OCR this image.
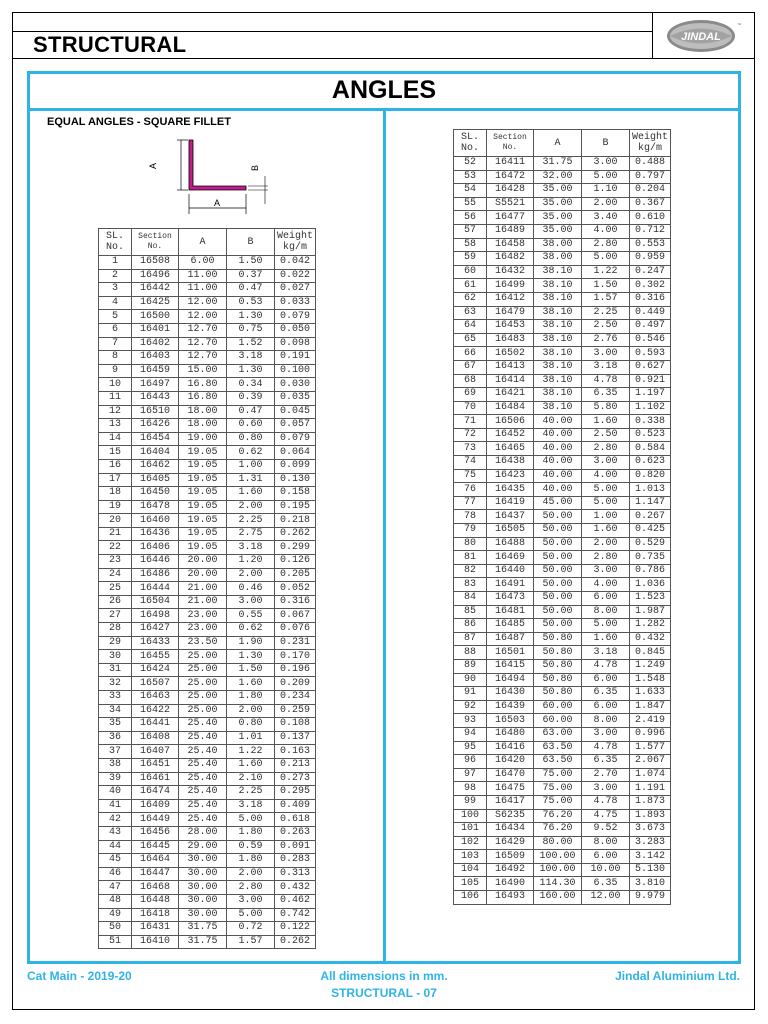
STRUCTURAL	JINDAL
™
ANGLES
EQUAL ANGLES - SQUARE FILLET
A
A
B
SL.
No.	Section
No.	A	B	Weight
kg/m
1	16508	6.00	1.50	0.042
2	16496	11.00	0.37	0.022
3	16442	11.00	0.47	0.027
4	16425	12.00	0.53	0.033
5	16500	12.00	1.30	0.079
6	16401	12.70	0.75	0.050
7	16402	12.70	1.52	0.098
8	16403	12.70	3.18	0.191
9	16459	15.00	1.30	0.100
10	16497	16.80	0.34	0.030
11	16443	16.80	0.39	0.035
12	16510	18.00	0.47	0.045
13	16426	18.00	0.60	0.057
14	16454	19.00	0.80	0.079
15	16404	19.05	0.62	0.064
16	16462	19.05	1.00	0.099
17	16405	19.05	1.31	0.130
18	16450	19.05	1.60	0.158
19	16478	19.05	2.00	0.195
20	16460	19.05	2.25	0.218
21	16436	19.05	2.75	0.262
22	16406	19.05	3.18	0.299
23	16446	20.00	1.20	0.126
24	16486	20.00	2.00	0.205
25	16444	21.00	0.46	0.052
26	16504	21.00	3.00	0.316
27	16498	23.00	0.55	0.067
28	16427	23.00	0.62	0.076
29	16433	23.50	1.90	0.231
30	16455	25.00	1.30	0.170
31	16424	25.00	1.50	0.196
32	16507	25.00	1.60	0.209
33	16463	25.00	1.80	0.234
34	16422	25.00	2.00	0.259
35	16441	25.40	0.80	0.108
36	16408	25.40	1.01	0.137
37	16407	25.40	1.22	0.163
38	16451	25.40	1.60	0.213
39	16461	25.40	2.10	0.273
40	16474	25.40	2.25	0.295
41	16409	25.40	3.18	0.409
42	16449	25.40	5.00	0.618
43	16456	28.00	1.80	0.263
44	16445	29.00	0.59	0.091
45	16464	30.00	1.80	0.283
46	16447	30.00	2.00	0.313
47	16468	30.00	2.80	0.432
48	16448	30.00	3.00	0.462
49	16418	30.00	5.00	0.742
50	16431	31.75	0.72	0.122
51	16410	31.75	1.57	0.262
SL.
No.	Section
No.	A	B	Weight
kg/m
52	16411	31.75	3.00	0.488
53	16472	32.00	5.00	0.797
54	16428	35.00	1.10	0.204
55	S5521	35.00	2.00	0.367
56	16477	35.00	3.40	0.610
57	16489	35.00	4.00	0.712
58	16458	38.00	2.80	0.553
59	16482	38.00	5.00	0.959
60	16432	38.10	1.22	0.247
61	16499	38.10	1.50	0.302
62	16412	38.10	1.57	0.316
63	16479	38.10	2.25	0.449
64	16453	38.10	2.50	0.497
65	16483	38.10	2.76	0.546
66	16502	38.10	3.00	0.593
67	16413	38.10	3.18	0.627
68	16414	38.10	4.78	0.921
69	16421	38.10	6.35	1.197
70	16484	38.10	5.80	1.102
71	16506	40.00	1.60	0.338
72	16452	40.00	2.50	0.523
73	16465	40.00	2.80	0.584
74	16438	40.00	3.00	0.623
75	16423	40.00	4.00	0.820
76	16435	40.00	5.00	1.013
77	16419	45.00	5.00	1.147
78	16437	50.00	1.00	0.267
79	16505	50.00	1.60	0.425
80	16488	50.00	2.00	0.529
81	16469	50.00	2.80	0.735
82	16440	50.00	3.00	0.786
83	16491	50.00	4.00	1.036
84	16473	50.00	6.00	1.523
85	16481	50.00	8.00	1.987
86	16485	50.00	5.00	1.282
87	16487	50.80	1.60	0.432
88	16501	50.80	3.18	0.845
89	16415	50.80	4.78	1.249
90	16494	50.80	6.00	1.548
91	16430	50.80	6.35	1.633
92	16439	60.00	6.00	1.847
93	16503	60.00	8.00	2.419
94	16480	63.00	3.00	0.996
95	16416	63.50	4.78	1.577
96	16420	63.50	6.35	2.067
97	16470	75.00	2.70	1.074
98	16475	75.00	3.00	1.191
99	16417	75.00	4.78	1.873
100	S6235	76.20	4.75	1.893
101	16434	76.20	9.52	3.673
102	16429	80.00	8.00	3.283
103	16509	100.00	6.00	3.142
104	16492	100.00	10.00	5.130
105	16490	114.30	6.35	3.810
106	16493	160.00	12.00	9.979
Cat Main - 2019-20	All dimensions in mm.
STRUCTURAL - 07
Jindal Aluminium Ltd.
